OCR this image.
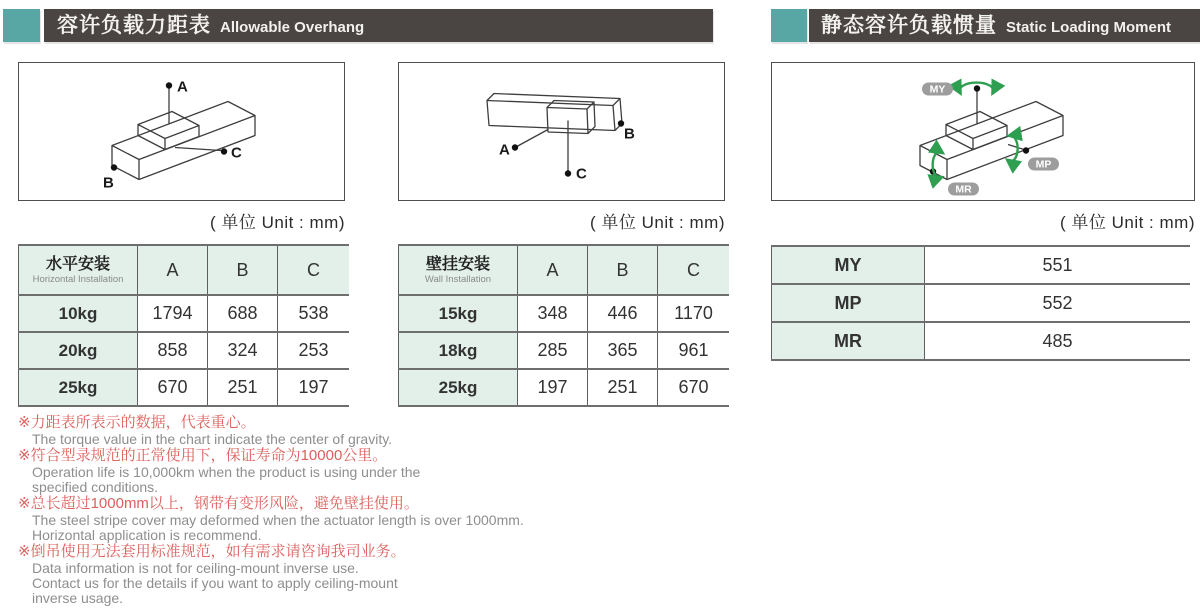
容许负载力距表 Allowable Overhang	静态容许负载惯量 Static Loading Moment
A
C
B
A
B
C
MY
MP
MR
( 单位 Unit : mm)	( 单位 Unit : mm)	( 单位 Unit : mm)
水平安装
Horizontal Installation	A	B	C
10kg	1794	688	538
20kg	858	324	253
25kg	670	251	197
壁挂安装
Wall Installation	A	B	C
15kg	348	446	1170
18kg	285	365	961
25kg	197	251	670
MY	551
MP	552
MR	485
※力距表所表示的数据，代表重心。
The torque value in the chart indicate the center of gravity.
※符合型录规范的正常使用下，保证寿命为10000公里。
Operation life is 10,000km when the product is using under the
specified conditions.
※总长超过1000mm以上，钢带有变形风险，避免壁挂使用。
The steel stripe cover may deformed when the actuator length is over 1000mm.
Horizontal application is recommend.
※倒吊使用无法套用标准规范，如有需求请咨询我司业务。
Data information is not for ceiling-mount inverse use.
Contact us for the details if you want to apply ceiling-mount
inverse usage.
